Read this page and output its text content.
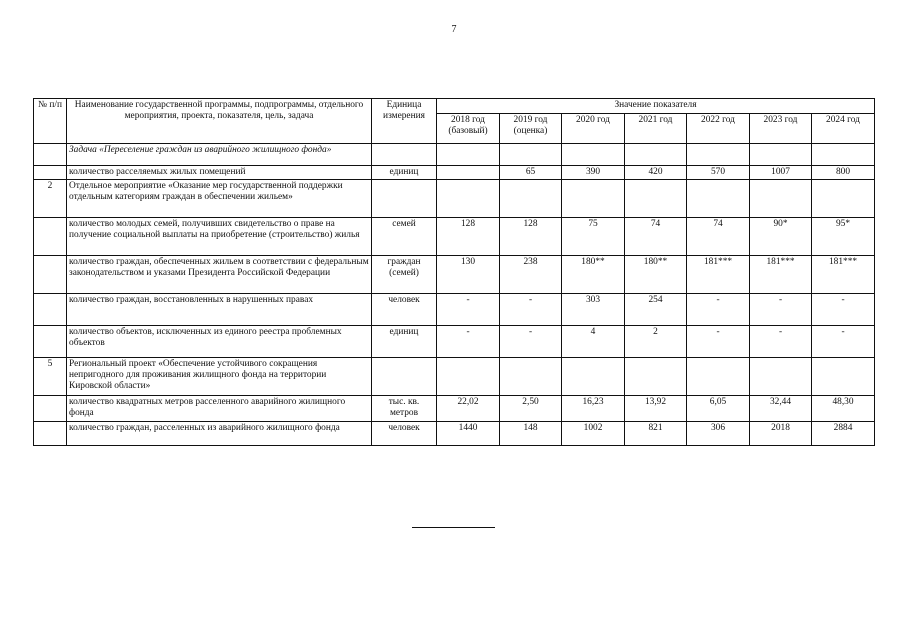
7
№ п/п	Наименование государственной программы, подпрограммы, отдельного мероприятия, проекта, показателя, цель, задача	Единица измерения	Значение показателя						
			2018 год (базовый)	2019 год (оценка)	2020 год	2021 год	2022 год	2023 год	2024 год
	Задача «Переселение граждан из аварийного жилищного фонда»								
	количество расселяемых жилых помещений	единиц		65	390	420	570	1007	800
2	Отдельное мероприятие «Оказание мер государственной поддержки отдельным категориям граждан в обеспечении жильем»								
	количество молодых семей, получивших свидетельство о праве на получение социальной выплаты на приобретение (строительство) жилья	семей	128	128	75	74	74	90*	95*
	количество граждан, обеспеченных жильем в соответствии с федеральным законодательством и указами Президента Российской Федерации	граждан (семей)	130	238	180**	180**	181***	181***	181***
	количество граждан, восстановленных в нарушенных правах	человек	-	-	303	254	-	-	-
	количество объектов, исключенных из единого реестра проблемных объектов	единиц	-	-	4	2	-	-	-
5	Региональный проект «Обеспечение устойчивого сокращения непригодного для проживания жилищного фонда на территории Кировской области»								
	количество квадратных метров расселенного аварийного жилищного фонда	тыс. кв. метров	22,02	2,50	16,23	13,92	6,05	32,44	48,30
	количество граждан, расселенных из аварийного жилищного фонда	человек	1440	148	1002	821	306	2018	2884
